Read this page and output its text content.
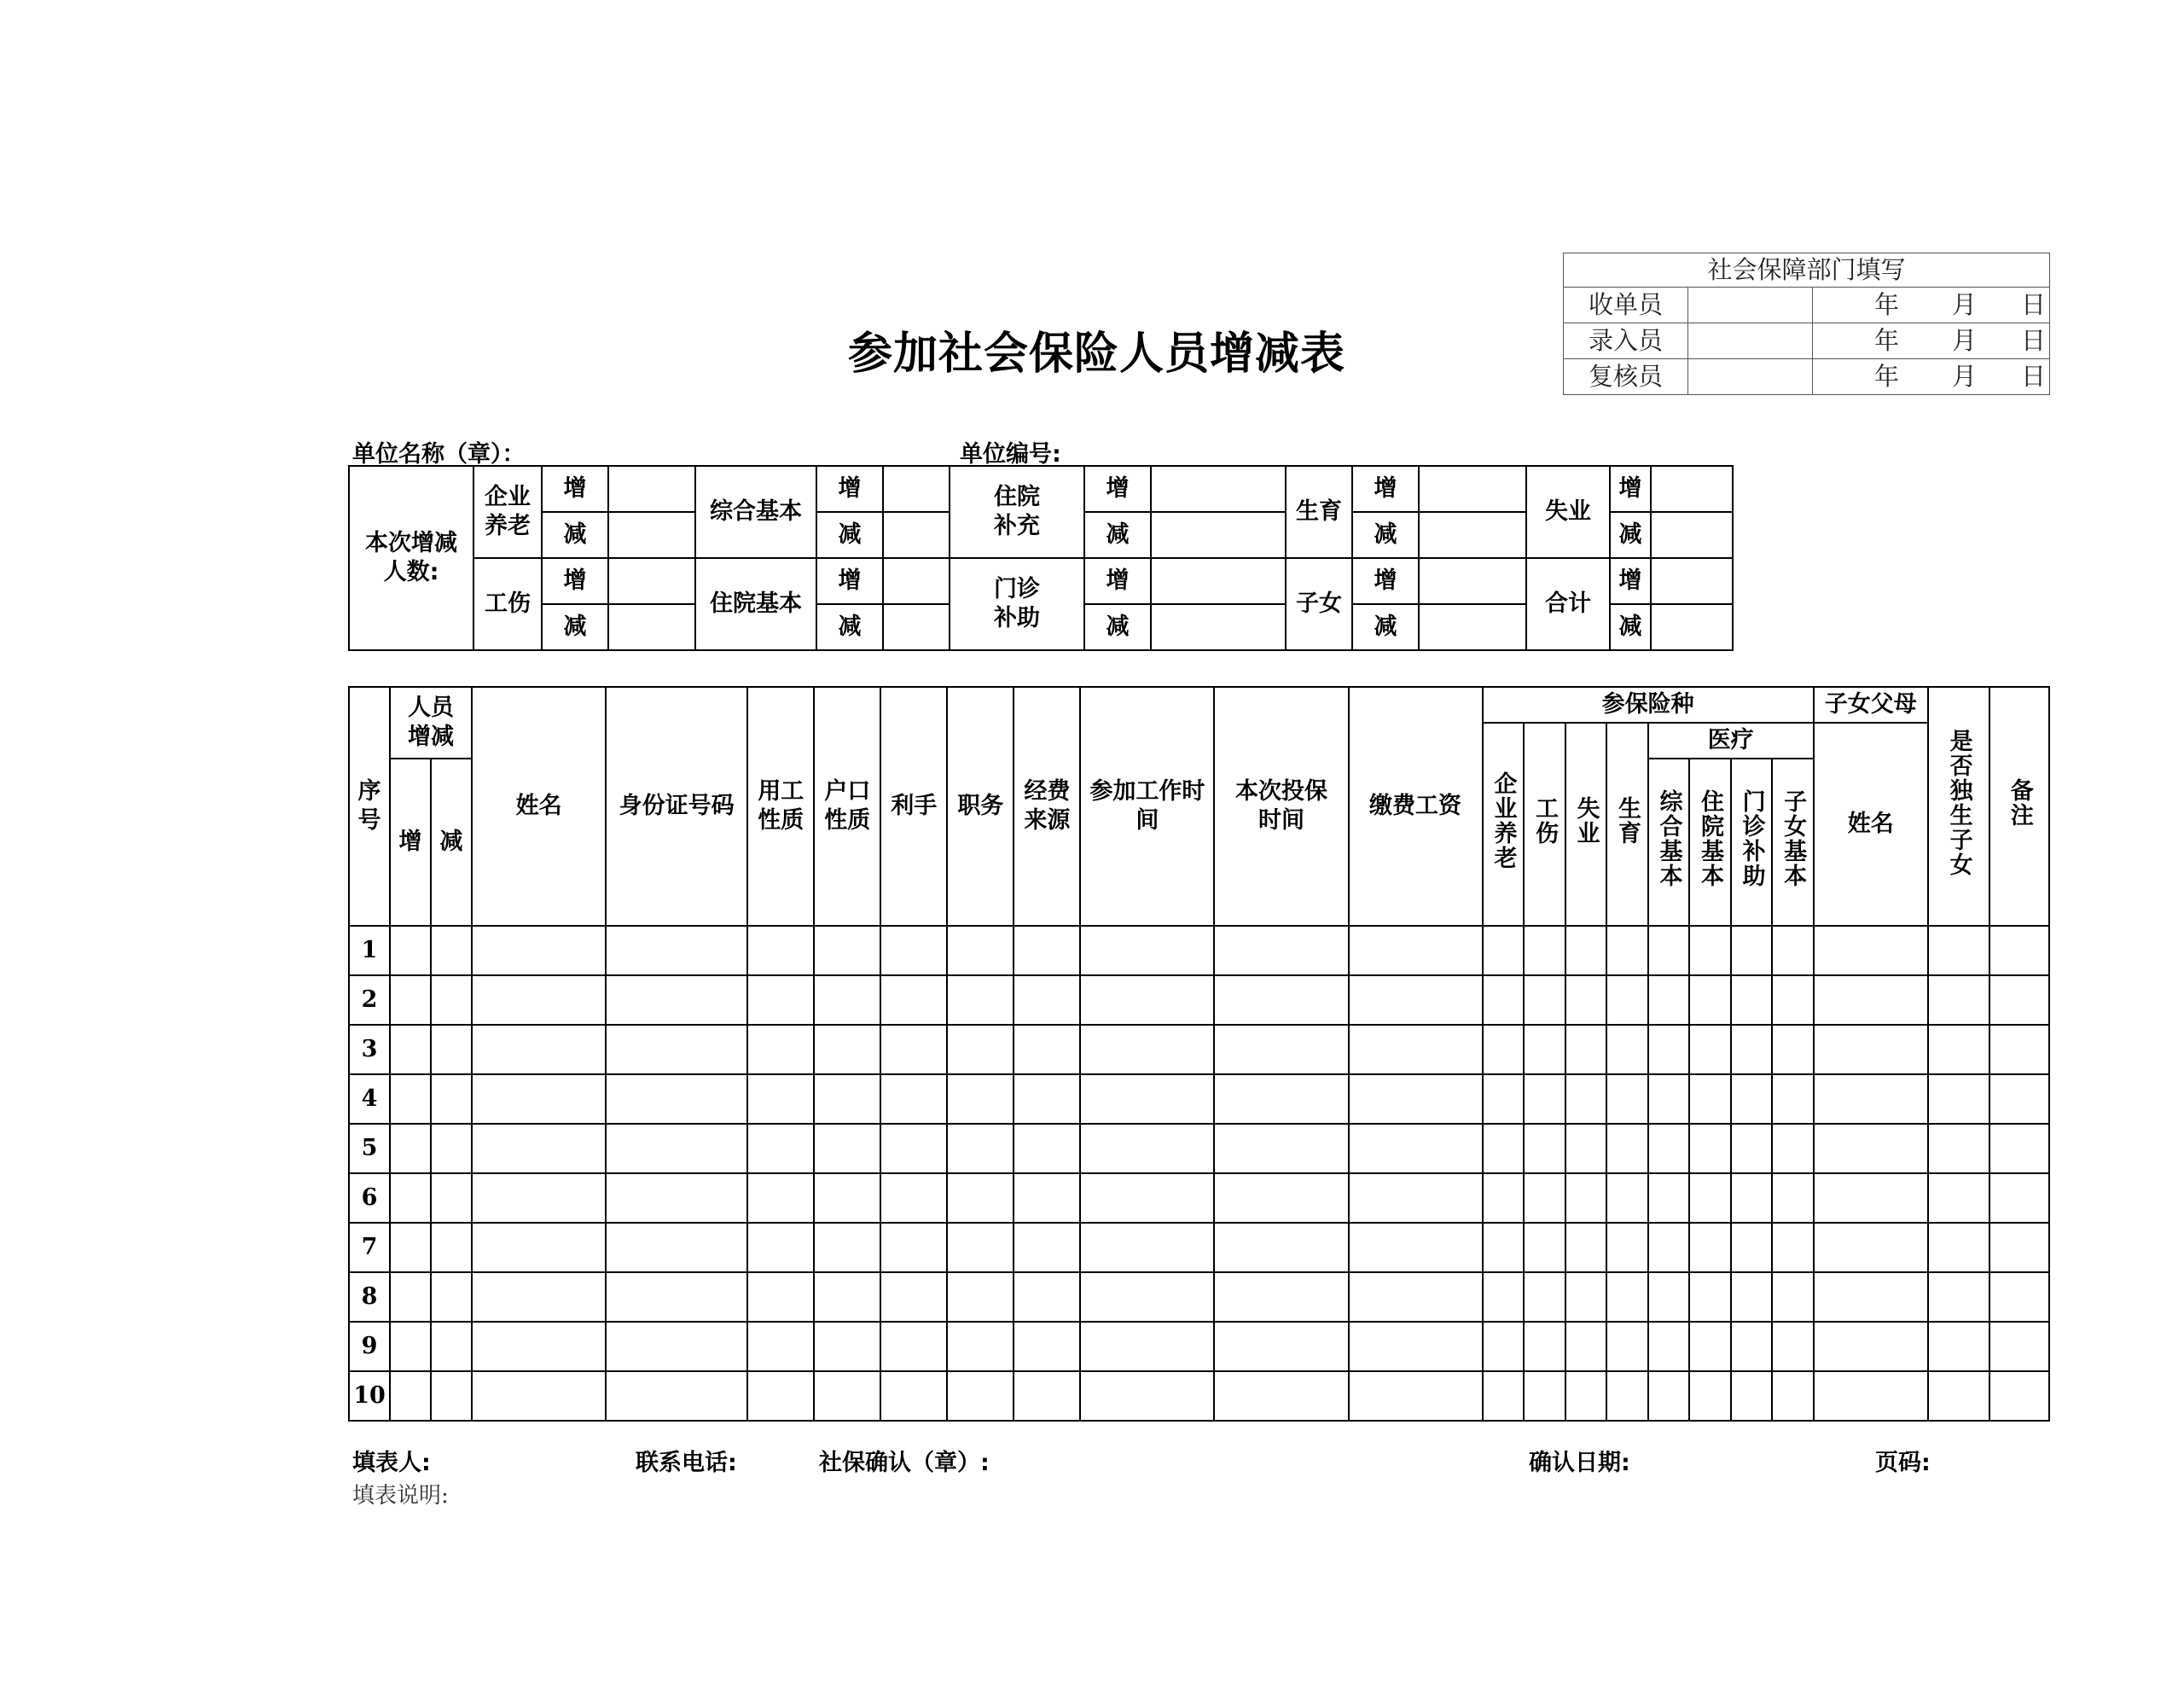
社会保障部门填写		
收单员		年 月 日
录入员		年 月 日
复核员		年 月 日
参加社会保险人员增减表
单位名称（章）：	单位编号:
本次增减人数:	企业养老	增		综合基本	增		住院补充	增		生育	增		失业	增	
		减			减			减			减			减	
	工伤	增		住院基本	增		门诊补助	增		子女	增		合计	增	
		减			减			减			减			减	
序号	人员增减		姓名	身份证号码	用工性质	户口性质	利手	职务	经费来源	参加工作时间	本次投保时间	缴费工资	参保险种								子女父母	是否独生子女	备注
													企业养老	工伤	失业	生育	医疗				姓名		
	增	减															综合基本	住院基本	门诊补助	子女基本			

1																							
2																							
3																							
4																							
5																							
6																							
7																							
8																							
9																							
10																							
填表人:	联系电话:	社保确认（章）:	确认日期:	页码:
填表说明:
